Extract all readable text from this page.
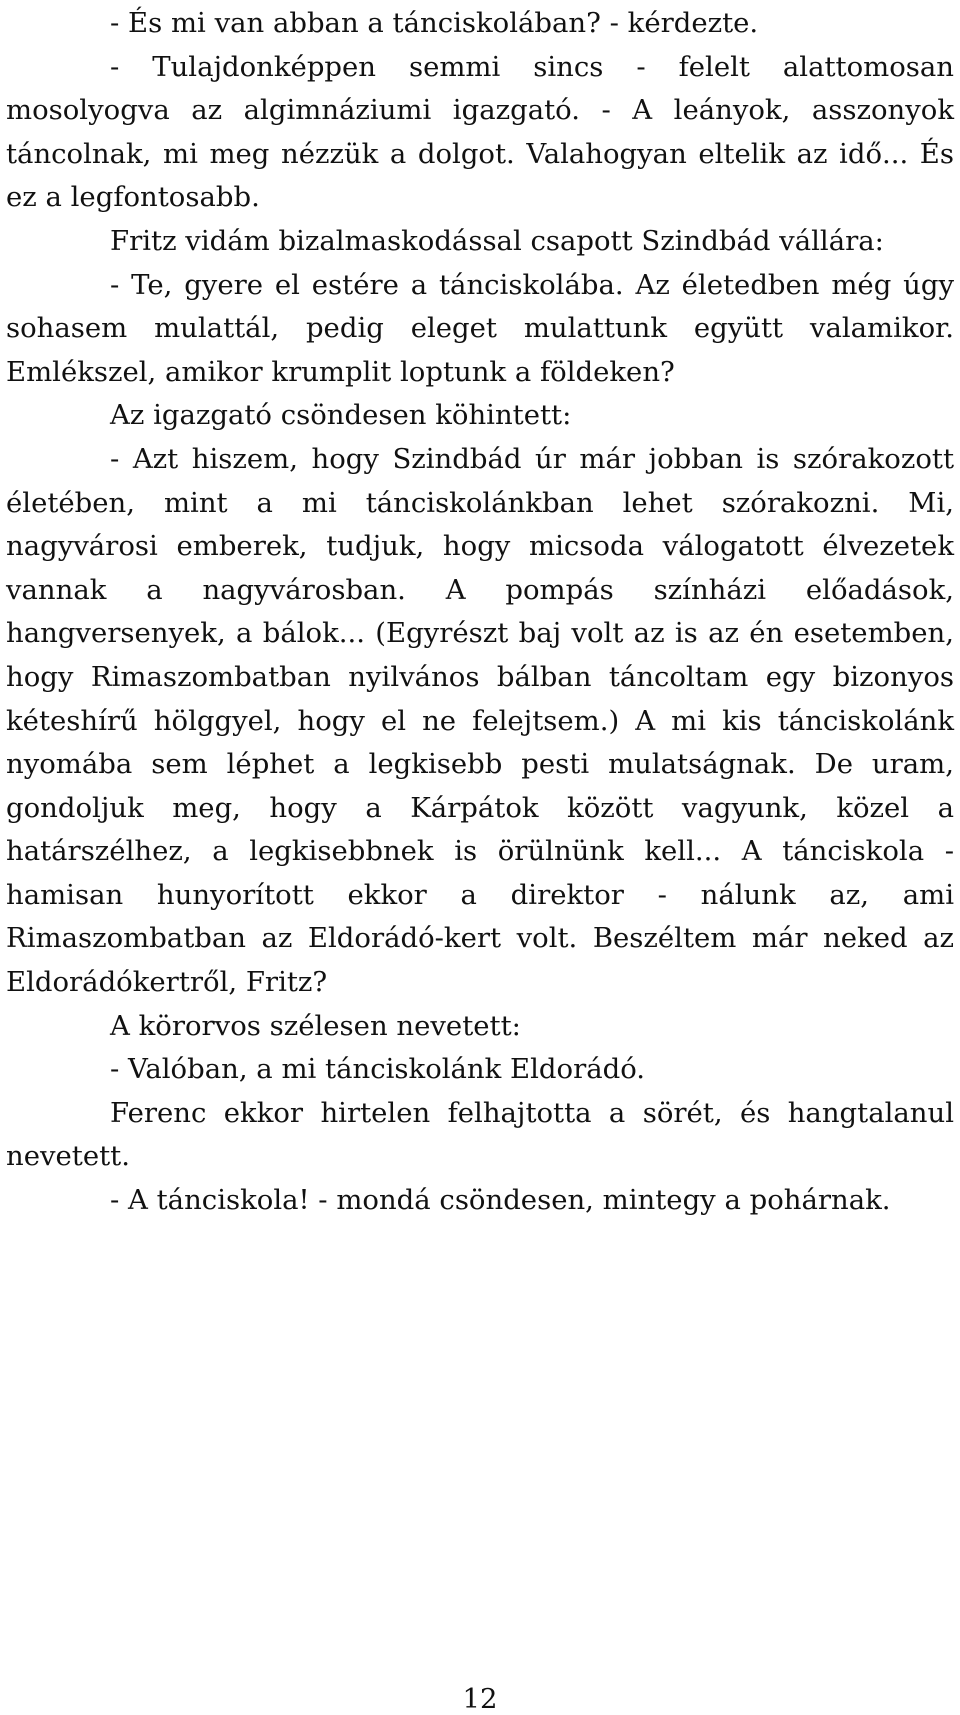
- És mi van abban a tánciskolában? - kérdezte.

- Tulajdonképpen semmi sincs - felelt alattomosan mosolyogva az algimnáziumi igazgató. - A leányok, asszonyok táncolnak, mi meg nézzük a dolgot. Valahogyan eltelik az idő... És ez a legfontosabb.

Fritz vidám bizalmaskodással csapott Szindbád vállára:

- Te, gyere el estére a tánciskolába. Az életedben még úgy sohasem mulattál, pedig eleget mulattunk együtt valamikor. Emlékszel, amikor krumplit loptunk a földeken?

Az igazgató csöndesen köhintett:

- Azt hiszem, hogy Szindbád úr már jobban is szórakozott életében, mint a mi tánciskolánkban lehet szórakozni. Mi, nagyvárosi emberek, tudjuk, hogy micsoda válogatott élvezetek vannak a nagyvárosban. A pompás színházi előadások, hangversenyek, a bálok... (Egyrészt baj volt az is az én esetemben, hogy Rimaszombatban nyilvános bálban táncoltam egy bizonyos kéteshírű hölggyel, hogy el ne felejtsem.) A mi kis tánciskolánk nyomába sem léphet a legkisebb pesti mulatságnak. De uram, gondoljuk meg, hogy a Kárpátok között vagyunk, közel a határszélhez, a legkisebbnek is örülnünk kell... A tánciskola - hamisan hunyorított ekkor a direktor - nálunk az, ami Rimaszombatban az Eldorádó-kert volt. Beszéltem már neked az Eldorádókertről, Fritz?

A körorvos szélesen nevetett:

- Valóban, a mi tánciskolánk Eldorádó.

Ferenc ekkor hirtelen felhajtotta a sörét, és hangtalanul nevetett.

- A tánciskola! - mondá csöndesen, mintegy a pohárnak.

12
